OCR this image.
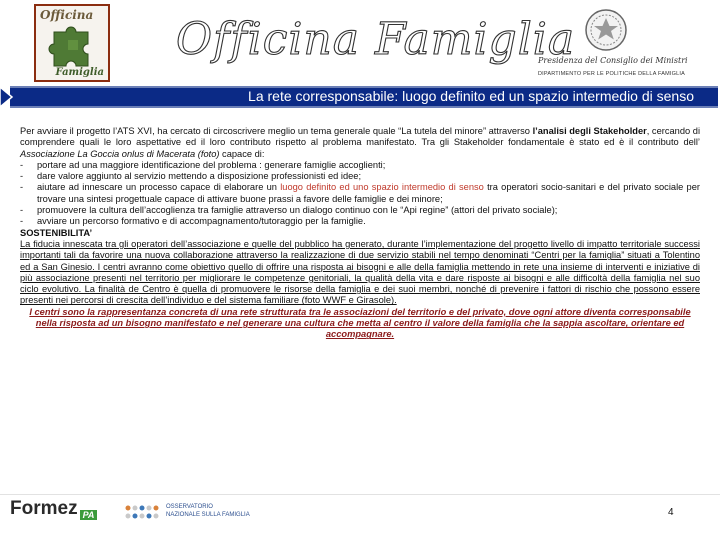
Officina
Famiglia
Officina Famiglia
Presidenza del Consiglio dei Ministri
DIPARTIMENTO PER LE POLITICHE DELLA FAMIGLIA
La rete corresponsabile: luogo definito ed un spazio intermedio di senso

Per avviare il progetto l’ATS XVI, ha cercato di circoscrivere meglio un tema generale quale “La tutela del minore” attraverso l’analisi degli Stakeholder, cercando di comprendere quali le loro aspettative ed il loro contributo rispetto al problema manifestato. Tra gli Stakeholder fondamentale è stato ed è il contributo dell’ Associazione La Goccia onlus di Macerata (foto) capace di:

- portare ad una maggiore identificazione del problema : generare famiglie accoglienti;
- dare valore aggiunto al servizio mettendo a disposizione professionisti ed idee;
- aiutare ad innescare un processo capace di elaborare un luogo definito ed uno spazio intermedio di senso tra operatori socio-sanitari e del privato sociale per trovare una sintesi progettuale capace di attivare buone prassi a favore delle famiglie e dei minore;
- promuovere la cultura dell’accoglienza tra famiglie attraverso un dialogo continuo con le “Api regine” (attori del privato sociale);
- avviare un percorso formativo e di accompagnamento/tutoraggio per la famiglie.

SOSTENIBILITA’

La fiducia innescata tra gli operatori dell’associazione e quelle del pubblico ha generato, durante l’implementazione del progetto livello di impatto territoriale successi importanti tali da favorire una nuova collaborazione attraverso la realizzazione di due servizio stabili nel tempo denominati “Centri per la famiglia” situati a Tolentino ed a San Ginesio. I centri avranno come obiettivo quello di offrire una risposta ai bisogni e alle della famiglia mettendo in rete una insieme di interventi e iniziative di più associazione presenti nel territorio per migliorare le competenze genitoriali, la qualità della vita e dare risposte ai bisogni e alle difficoltà della famiglia nel suo ciclo evolutivo. La finalità de Centro è quella di promuovere le risorse della famiglia e dei suoi membri, nonché di prevenire i fattori di rischio che possono essere presenti nei percorsi di crescita dell’individuo e del sistema familiare (foto WWF e Girasole).

I centri sono la rappresentanza concreta di una rete strutturata tra le associazioni del territorio e del privato, dove ogni attore diventa corresponsabile nella risposta ad un bisogno manifestato e nel generare una cultura che metta al centro il valore della famiglia che la sappia ascoltare, orientare ed accompagnare.

Formez PA
OSSERVATORIO
NAZIONALE SULLA FAMIGLIA	4
